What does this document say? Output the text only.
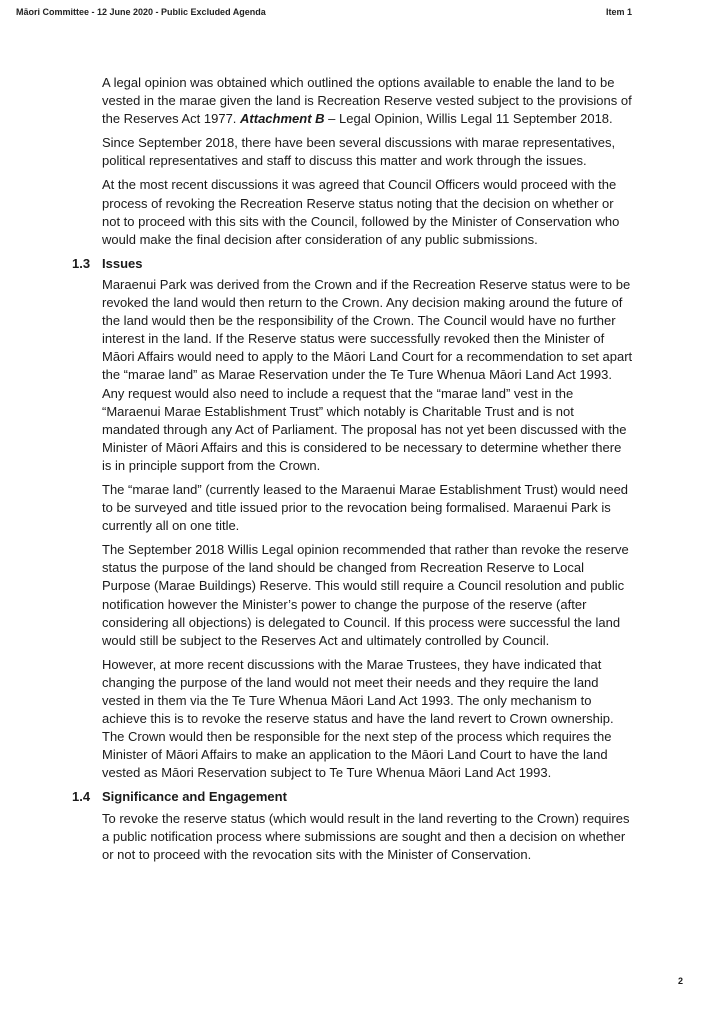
Māori Committee - 12 June 2020 - Public Excluded Agenda	Item 1

A legal opinion was obtained which outlined the options available to enable the land to be vested in the marae given the land is Recreation Reserve vested subject to the provisions of the Reserves Act 1977. Attachment B – Legal Opinion, Willis Legal 11 September 2018.

Since September 2018, there have been several discussions with marae representatives, political representatives and staff to discuss this matter and work through the issues.

At the most recent discussions it was agreed that Council Officers would proceed with the process of revoking the Recreation Reserve status noting that the decision on whether or not to proceed with this sits with the Council, followed by the Minister of Conservation who would make the final decision after consideration of any public submissions.

1.3 Issues

Maraenui Park was derived from the Crown and if the Recreation Reserve status were to be revoked the land would then return to the Crown. Any decision making around the future of the land would then be the responsibility of the Crown. The Council would have no further interest in the land. If the Reserve status were successfully revoked then the Minister of Māori Affairs would need to apply to the Māori Land Court for a recommendation to set apart the “marae land” as Marae Reservation under the Te Ture Whenua Māori Land Act 1993. Any request would also need to include a request that the “marae land” vest in the “Maraenui Marae Establishment Trust” which notably is Charitable Trust and is not mandated through any Act of Parliament. The proposal has not yet been discussed with the Minister of Māori Affairs and this is considered to be necessary to determine whether there is in principle support from the Crown.

The “marae land” (currently leased to the Maraenui Marae Establishment Trust) would need to be surveyed and title issued prior to the revocation being formalised. Maraenui Park is currently all on one title.

The September 2018 Willis Legal opinion recommended that rather than revoke the reserve status the purpose of the land should be changed from Recreation Reserve to Local Purpose (Marae Buildings) Reserve. This would still require a Council resolution and public notification however the Minister’s power to change the purpose of the reserve (after considering all objections) is delegated to Council. If this process were successful the land would still be subject to the Reserves Act and ultimately controlled by Council.

However, at more recent discussions with the Marae Trustees, they have indicated that changing the purpose of the land would not meet their needs and they require the land vested in them via the Te Ture Whenua Māori Land Act 1993. The only mechanism to achieve this is to revoke the reserve status and have the land revert to Crown ownership. The Crown would then be responsible for the next step of the process which requires the Minister of Māori Affairs to make an application to the Māori Land Court to have the land vested as Māori Reservation subject to Te Ture Whenua Māori Land Act 1993.

1.4 Significance and Engagement

To revoke the reserve status (which would result in the land reverting to the Crown) requires a public notification process where submissions are sought and then a decision on whether or not to proceed with the revocation sits with the Minister of Conservation.

2
